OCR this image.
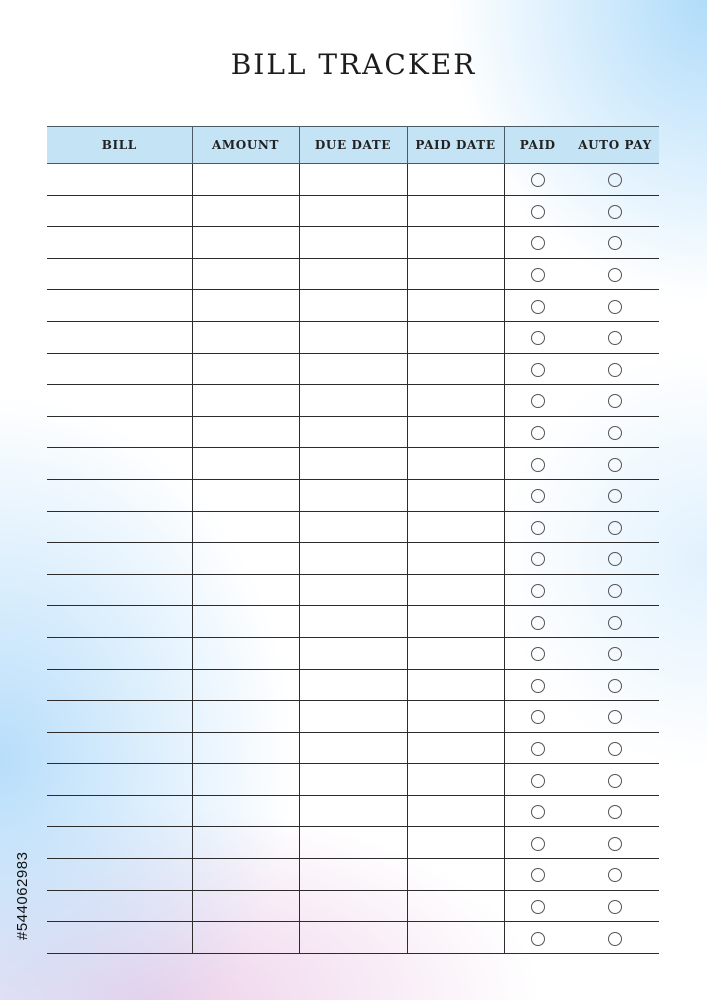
BILL TRACKER
BILL	AMOUNT	DUE DATE	PAID DATE	PAID	AUTO PAY

#544062983
